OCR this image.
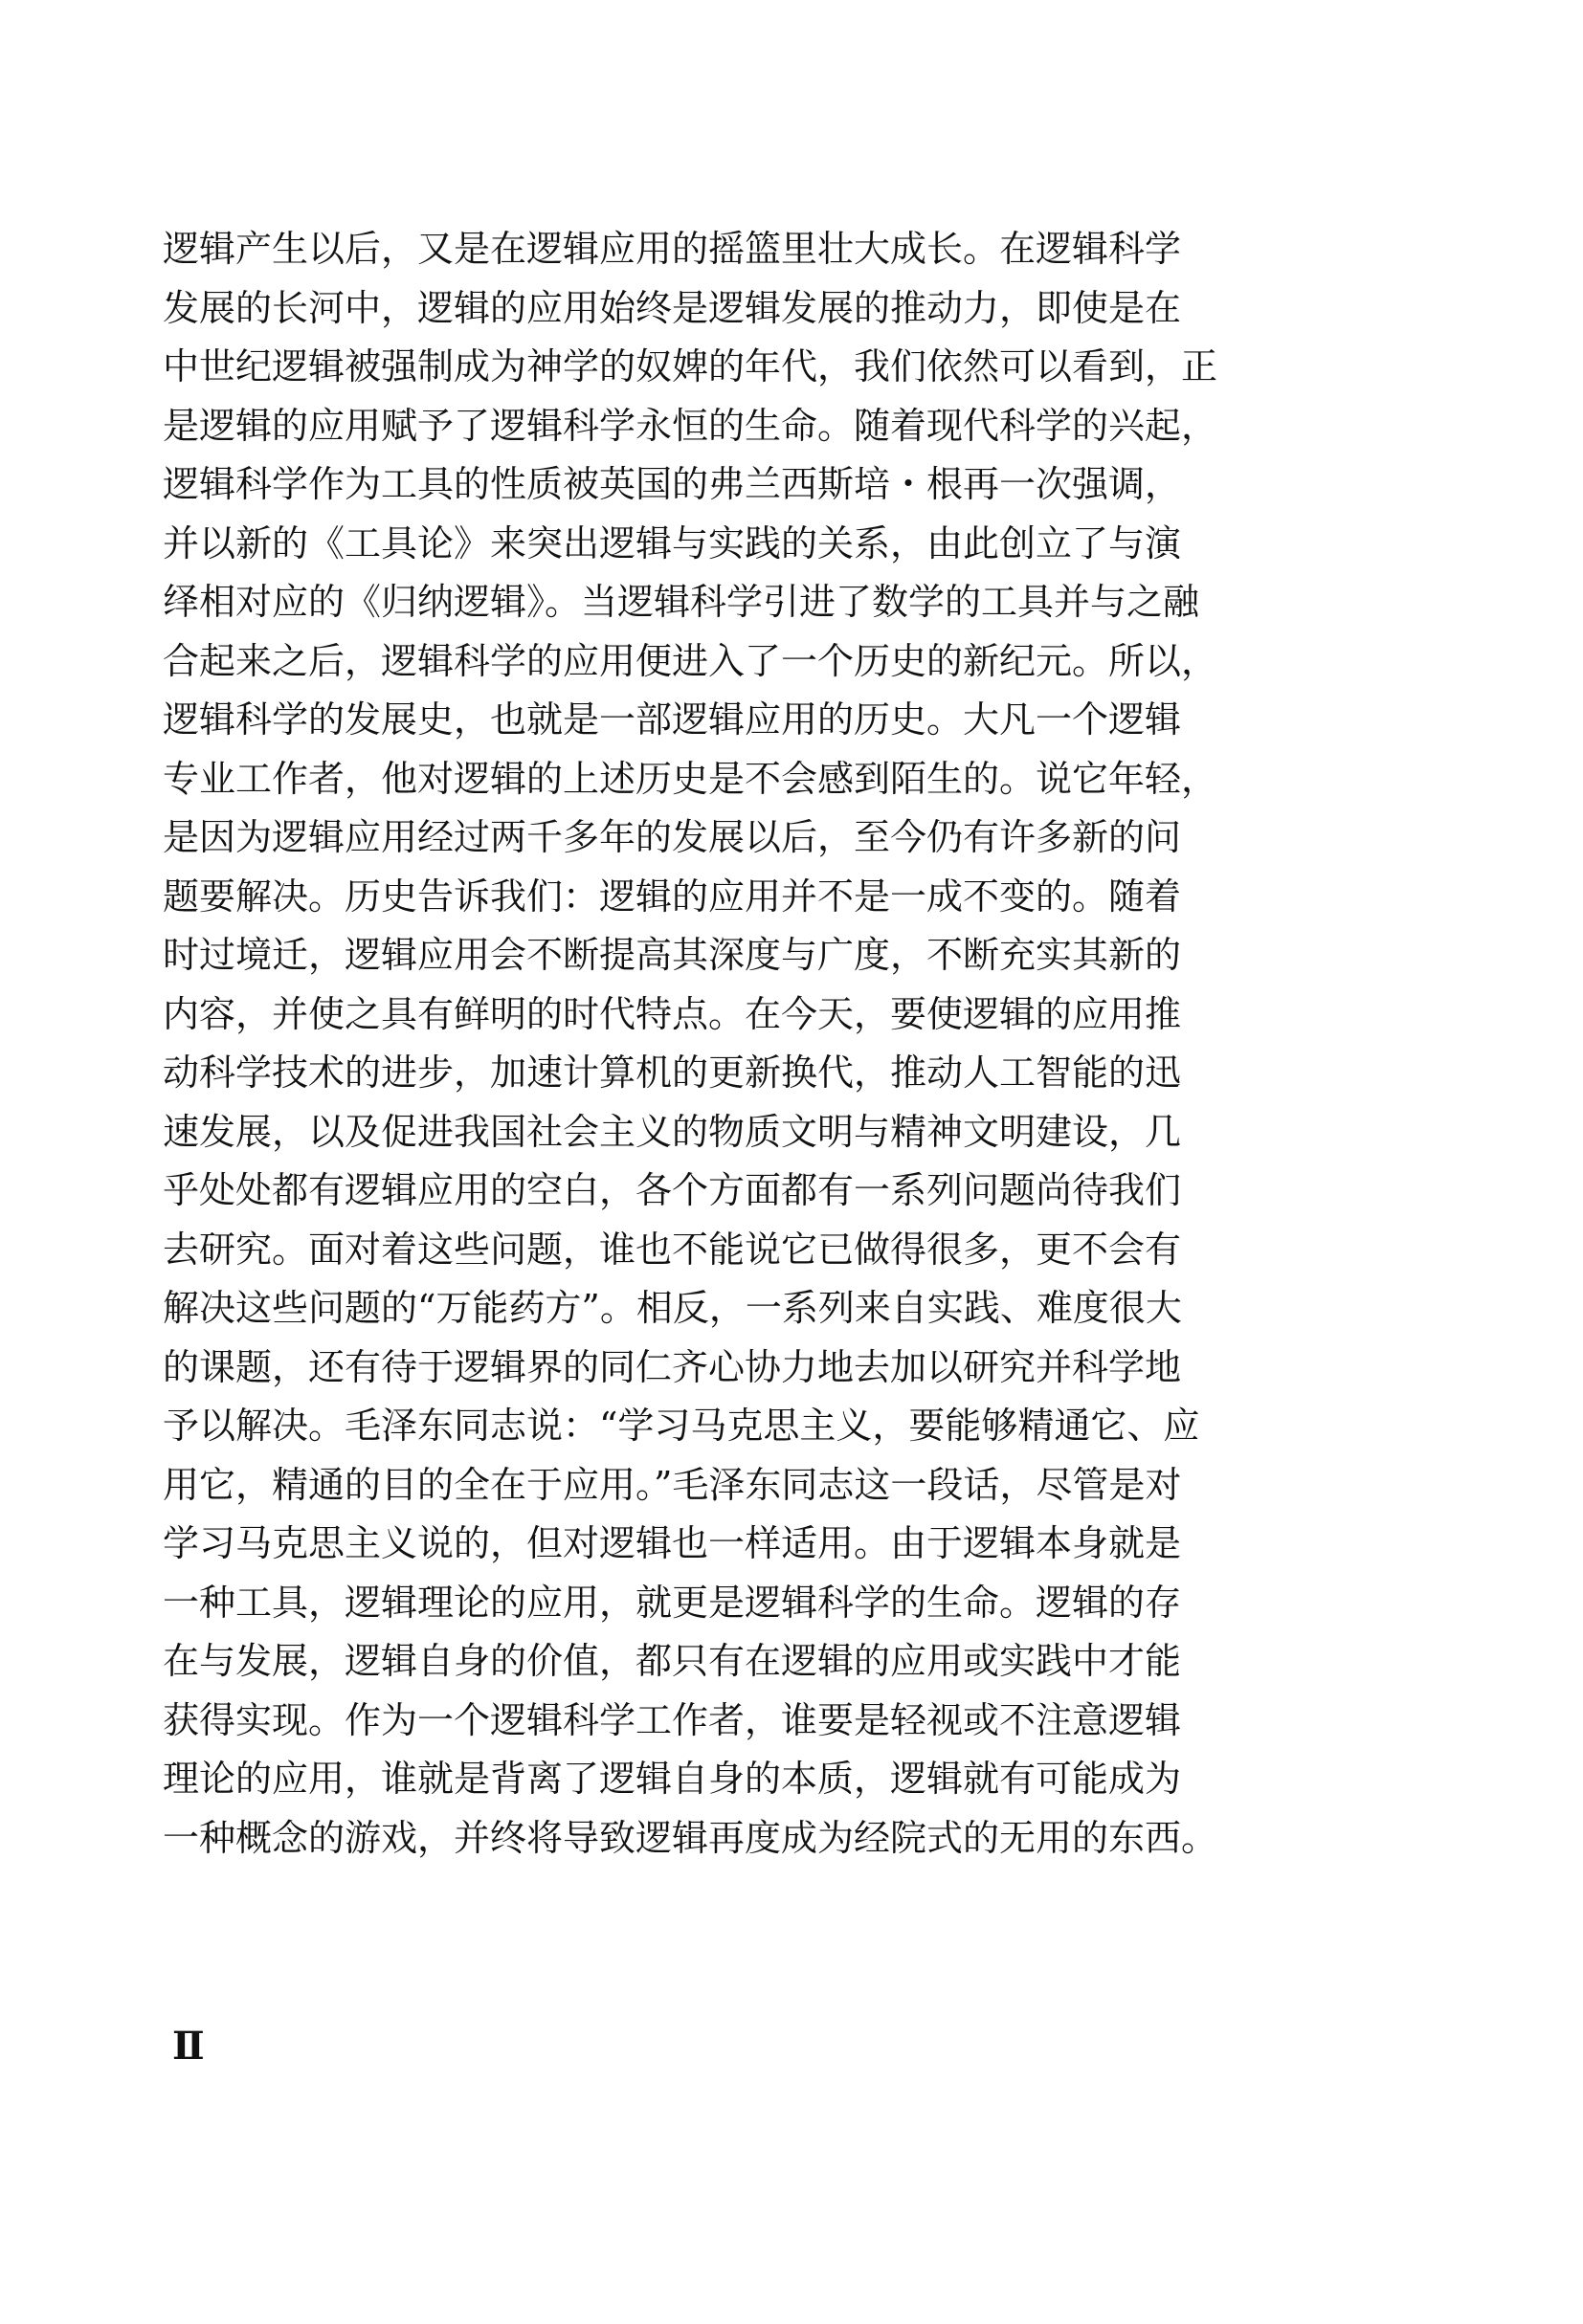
逻辑产生以后，又是在逻辑应用的摇篮里壮大成长。在逻辑科学
发展的长河中，逻辑的应用始终是逻辑发展的推动力，即使是在
中世纪逻辑被强制成为神学的奴婢的年代，我们依然可以看到，正
是逻辑的应用赋予了逻辑科学永恒的生命。随着现代科学的兴起，
逻辑科学作为工具的性质被英国的弗兰西斯培・根再一次强调，
并以新的《工具论》来突出逻辑与实践的关系，由此创立了与演
绎相对应的《归纳逻辑》。当逻辑科学引进了数学的工具并与之融
合起来之后，逻辑科学的应用便进入了一个历史的新纪元。所以，
逻辑科学的发展史，也就是一部逻辑应用的历史。大凡一个逻辑
专业工作者，他对逻辑的上述历史是不会感到陌生的。说它年轻，
是因为逻辑应用经过两千多年的发展以后，至今仍有许多新的问
题要解决。历史告诉我们：逻辑的应用并不是一成不变的。随着
时过境迁，逻辑应用会不断提高其深度与广度，不断充实其新的
内容，并使之具有鲜明的时代特点。在今天，要使逻辑的应用推
动科学技术的进步，加速计算机的更新换代，推动人工智能的迅
速发展，以及促进我国社会主义的物质文明与精神文明建设，几
乎处处都有逻辑应用的空白，各个方面都有一系列问题尚待我们
去研究。面对着这些问题，谁也不能说它已做得很多，更不会有
解决这些问题的“万能药方”。相反，一系列来自实践、难度很大
的课题，还有待于逻辑界的同仁齐心协力地去加以研究并科学地
予以解决。毛泽东同志说：“学习马克思主义，要能够精通它、应
用它，精通的目的全在于应用。”毛泽东同志这一段话，尽管是对
学习马克思主义说的，但对逻辑也一样适用。由于逻辑本身就是
一种工具，逻辑理论的应用，就更是逻辑科学的生命。逻辑的存
在与发展，逻辑自身的价值，都只有在逻辑的应用或实践中才能
获得实现。作为一个逻辑科学工作者，谁要是轻视或不注意逻辑
理论的应用，谁就是背离了逻辑自身的本质，逻辑就有可能成为
一种概念的游戏，并终将导致逻辑再度成为经院式的无用的东西。
Ⅱ
